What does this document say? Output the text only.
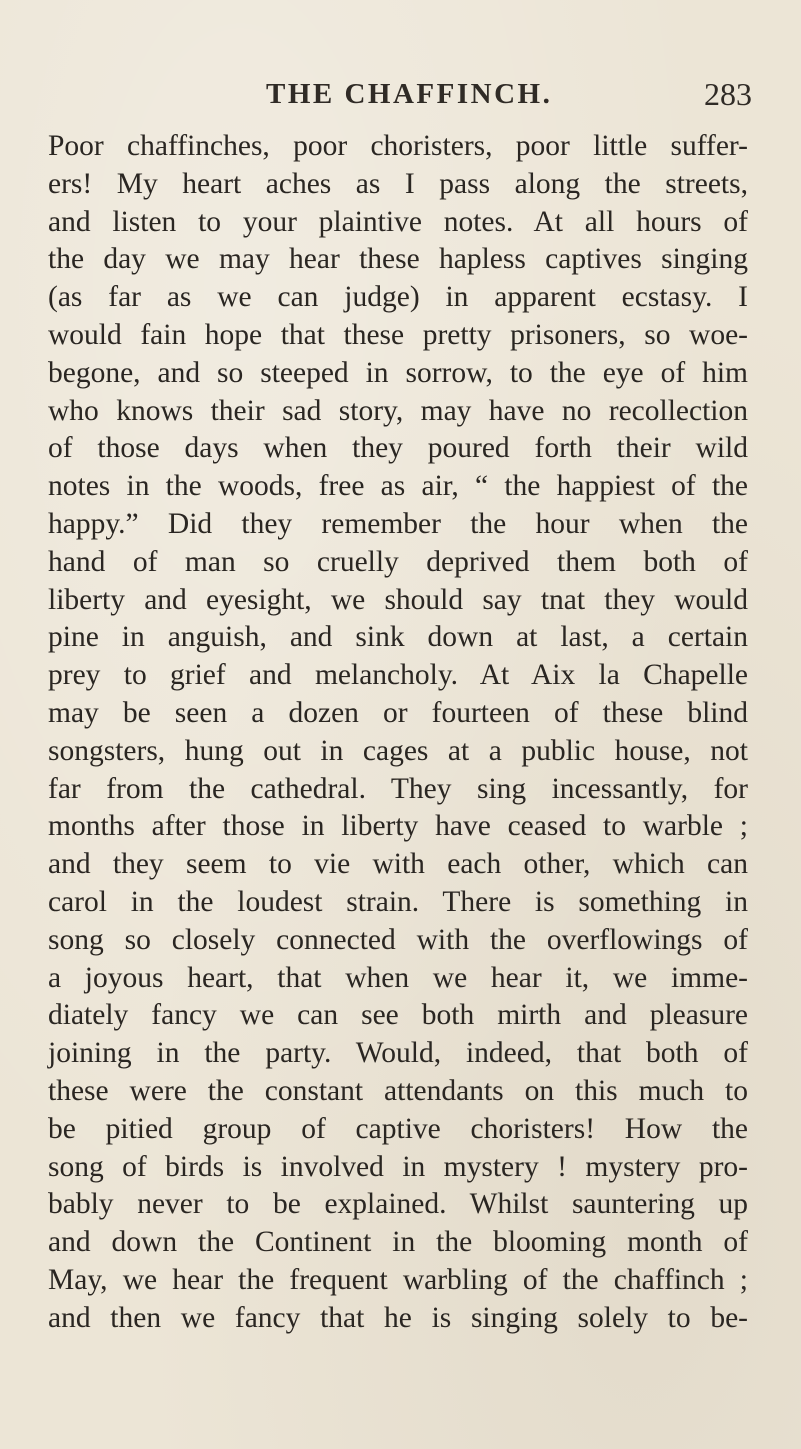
THE CHAFFINCH.	283
Poor chaffinches, poor choristers, poor little suffer-
ers! My heart aches as I pass along the streets,
and listen to your plaintive notes. At all hours of
the day we may hear these hapless captives singing
(as far as we can judge) in apparent ecstasy. I
would fain hope that these pretty prisoners, so woe-
begone, and so steeped in sorrow, to the eye of him
who knows their sad story, may have no recollection
of those days when they poured forth their wild
notes in the woods, free as air, “ the happiest of the
happy.” Did they remember the hour when the
hand of man so cruelly deprived them both of
liberty and eyesight, we should say tnat they would
pine in anguish, and sink down at last, a certain
prey to grief and melancholy. At Aix la Chapelle
may be seen a dozen or fourteen of these blind
songsters, hung out in cages at a public house, not
far from the cathedral. They sing incessantly, for
months after those in liberty have ceased to warble ;
and they seem to vie with each other, which can
carol in the loudest strain. There is something in
song so closely connected with the overflowings of
a joyous heart, that when we hear it, we imme-
diately fancy we can see both mirth and pleasure
joining in the party. Would, indeed, that both of
these were the constant attendants on this much to
be pitied group of captive choristers! How the
song of birds is involved in mystery ! mystery pro-
bably never to be explained. Whilst sauntering up
and down the Continent in the blooming month of
May, we hear the frequent warbling of the chaffinch ;
and then we fancy that he is singing solely to be-
